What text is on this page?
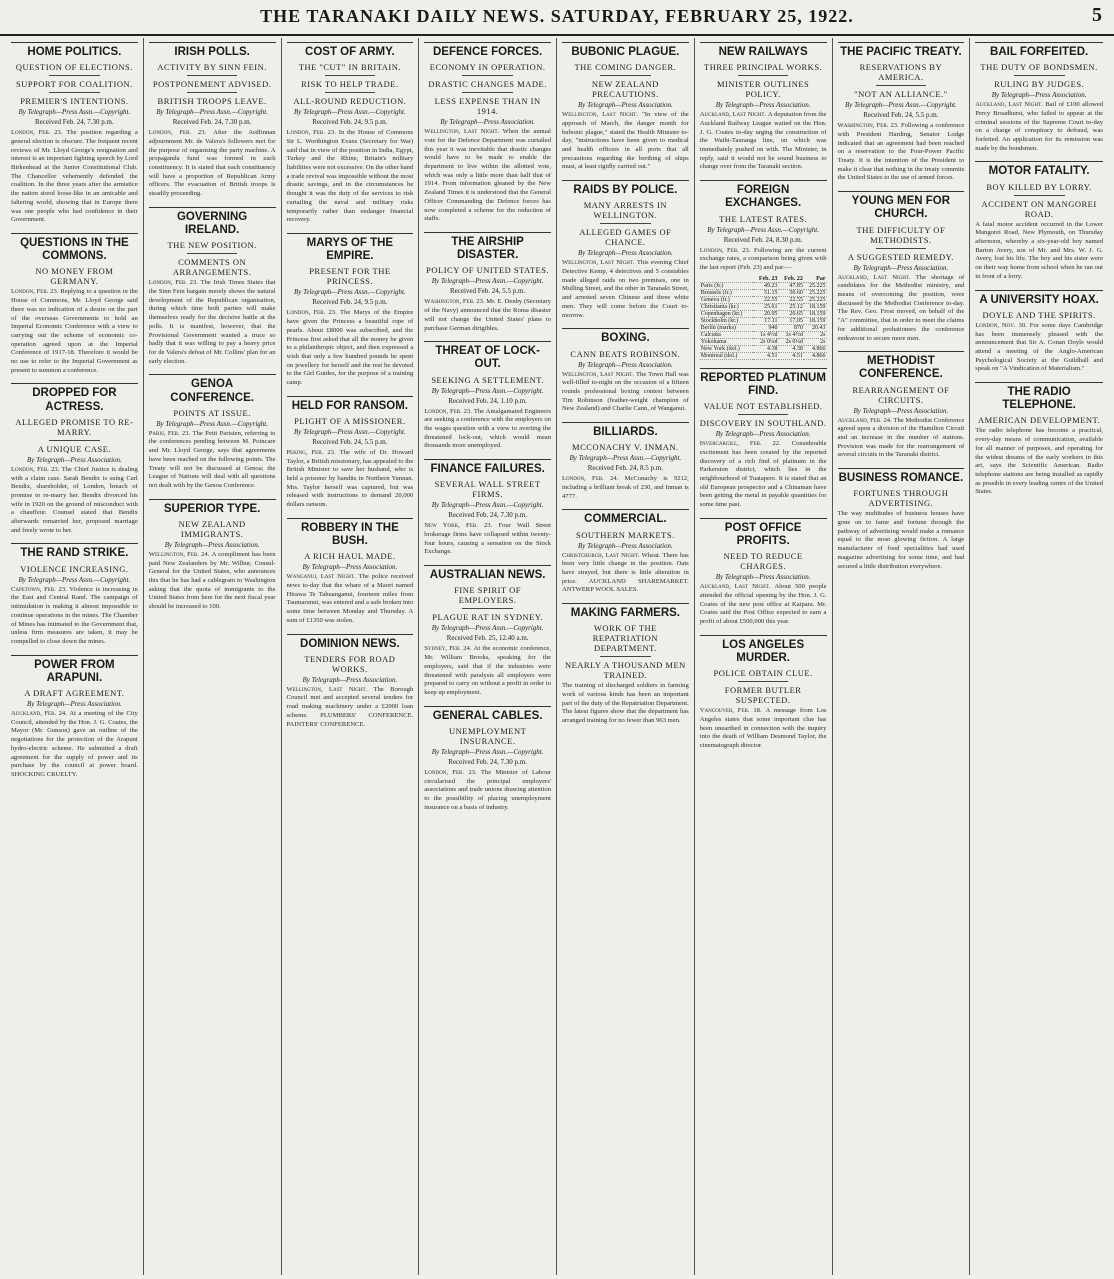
THE TARANAKI DAILY NEWS. SATURDAY, FEBRUARY 25, 1922.	5
HOME POLITICS.
QUESTION OF ELECTIONS.
SUPPORT FOR COALITION.
PREMIER'S INTENTIONS.
By Telegraph—Press Assn.—Copyright.
Received Feb. 24, 7.30 p.m.
London, Feb. 23. The position regarding a general election is obscure. The frequent recent reviews of Mr. Lloyd George's resignation and interest is an important fighting speech by Lord Birkenhead at the Junior Constitutional Club. The Chancellor vehemently defended the coalition. In the three years after the armistice the nation stood loose-like in an amicable and faltering world, showing that in Europe there was one people who had confidence in their Government.
QUESTIONS IN THE COMMONS.
NO MONEY FROM GERMANY.
London, Feb. 23. Replying to a question in the House of Commons, Mr. Lloyd George said there was no indication of a desire on the part of the overseas Governments to hold an Imperial Economic Conference with a view to carrying out the scheme of economic co-operation agreed upon at the Imperial Conference of 1917-18. Therefore it would be no use to refer to the Imperial Government as present to summon a conference.
DROPPED FOR ACTRESS.
ALLEGED PROMISE TO RE-MARRY.
A UNIQUE CASE.
By Telegraph—Press Association.
London, Feb. 23. The Chief Justice is dealing with a claim case. Sarah Bendix is suing Carl Bendix, shareholder, of London, breach of promise to re-marry her. Bendix divorced his wife in 1920 on the ground of misconduct with a chauffeur. Counsel stated that Bendix afterwards remarried her, proposed marriage and freely wrote to her.
THE RAND STRIKE.
VIOLENCE INCREASING.
By Telegraph—Press Assn.—Copyright.
Capetown, Feb. 23. Violence is increasing in the East and Central Rand. The campaign of intimidation is making it almost impossible to continue operations in the mines. The Chamber of Mines has intimated to the Government that, unless firm measures are taken, it may be compelled to close down the mines.
POWER FROM ARAPUNI.
A DRAFT AGREEMENT.
By Telegraph—Press Association.
Auckland, Feb. 24. At a meeting of the City Council, attended by the Hon. J. G. Coates, the Mayor (Mr. Gunson) gave an outline of the negotiations for the protection of the Arapuni hydro-electric scheme. He submitted a draft agreement for the supply of power and its purchase by the council at power board. SHOCKING CRUELTY.
IRISH POLLS.
ACTIVITY BY SINN FEIN.
POSTPONEMENT ADVISED.
BRITISH TROOPS LEAVE.
By Telegraph—Press Assn.—Copyright.
Received Feb. 24, 7.30 p.m.
London, Feb. 23. After the Ardfinnan adjournment Mr. de Valera's followers met for the purpose of organising the party machine. A propaganda fund was formed in each constituency. It is stated that each constituency will have a proportion of Republican Army officers. The evacuation of British troops is steadily proceeding.
GOVERNING IRELAND.
THE NEW POSITION.
COMMENTS ON ARRANGEMENTS.
London, Feb. 23. The Irish Times States that the Sinn Fein bargain merely shows the natural development of the Republican organisation, during which time both parties will make themselves ready for the decisive battle at the polls. It is manifest, however, that the Provisional Government wanted a truce so badly that it was willing to pay a heavy price for de Valera's defeat of Mr. Collins' plan for an early election.
GENOA CONFERENCE.
POINTS AT ISSUE.
By Telegraph—Press Assn.—Copyright.
Paris, Feb. 23. The Petit Parisien, referring to the conferences pending between M. Poincare and Mr. Lloyd George, says that agreements have been reached on the following points. The Treaty will not be discussed at Genoa; the League of Nations will deal with all questions not dealt with by the Genoa Conference.
SUPERIOR TYPE.
NEW ZEALAND IMMIGRANTS.
By Telegraph—Press Association.
Wellington, Feb. 24. A compliment has been paid New Zealanders by Mr. Wilbur, Consul-General for the United States, who announces this that he has had a cablegram to Washington asking that the quota of immigrants to the United States from here for the next fiscal year should be increased to 100.
COST OF ARMY.
THE "CUT" IN BRITAIN.
RISK TO HELP TRADE.
ALL-ROUND REDUCTION.
By Telegraph—Press Assn.—Copyright.
Received Feb. 24, 9.5 p.m.
London, Feb. 23. In the House of Commons Sir L. Worthington Evans (Secretary for War) said that in view of the position in India, Egypt, Turkey and the Rhine, Britain's military liabilities were not excessive. On the other hand a trade revival was impossible without the most drastic savings, and in the circumstances he thought it was the duty of the services to risk curtailing the naval and military risks temporarily rather than endanger financial recovery.
MARYS OF THE EMPIRE.
PRESENT FOR THE PRINCESS.
By Telegraph—Press Assn.—Copyright.
Received Feb. 24, 9.5 p.m.
London, Feb. 23. The Marys of the Empire have given the Princess a beautiful rope of pearls. About £8000 was subscribed, and the Princess first asked that all the money be given to a philanthropic object, and then expressed a wish that only a few hundred pounds be spent on jewellery for herself and the rest be devoted to the Girl Guides, for the purpose of a training camp.
HELD FOR RANSOM.
PLIGHT OF A MISSIONER.
By Telegraph—Press Assn.—Copyright.
Received Feb. 24, 5.5 p.m.
Peking, Feb. 23. The wife of Dr. Howard Taylor, a British missionary, has appealed to the British Minister to save her husband, who is held a prisoner by bandits in Northern Yunnan. Mrs. Taylor herself was captured, but was released with instructions to demand 20,000 dollars ransom.
ROBBERY IN THE BUSH.
A RICH HAUL MADE.
By Telegraph—Press Association.
Wanganui, Last Night. The police received news to-day that the whare of a Maori named Hirawa Te Tahuanganui, fourteen miles from Taumarunui, was entered and a safe broken into some time between Monday and Thursday. A sum of £1350 was stolen.
DOMINION NEWS.
TENDERS FOR ROAD WORKS.
By Telegraph—Press Association.
Wellington, Last Night. The Borough Council met and accepted several tenders for road making machinery under a £2000 loan scheme. PLUMBERS' CONFERENCE. PAINTERS' CONFERENCE.
DEFENCE FORCES.
ECONOMY IN OPERATION.
DRASTIC CHANGES MADE.
LESS EXPENSE THAN IN 1914.
By Telegraph—Press Association.
Wellington, Last Night. When the annual vote for the Defence Department was curtailed this year it was inevitable that drastic changes would have to be made to enable the department to live within the allotted vote, which was only a little more than half that of 1914. From information gleaned by the New Zealand Times it is understood that the General Officer Commanding the Defence forces has now completed a scheme for the reduction of staffs.
THE AIRSHIP DISASTER.
POLICY OF UNITED STATES.
By Telegraph—Press Assn.—Copyright.
Received Feb. 24, 5.5 p.m.
Washington, Feb. 23. Mr. E. Denby (Secretary of the Navy) announced that the Roma disaster will not change the United States' plans to purchase German dirigibles.
THREAT OF LOCK-OUT.
SEEKING A SETTLEMENT.
By Telegraph—Press Assn.—Copyright.
Received Feb. 24, 1.10 p.m.
London, Feb. 23. The Amalgamated Engineers are seeking a conference with the employers on the wages question with a view to averting the threatened lock-out, which would mean thousands more unemployed.
FINANCE FAILURES.
SEVERAL WALL STREET FIRMS.
By Telegraph—Press Assn.—Copyright.
Received Feb. 24, 7.30 p.m.
New York, Feb. 23. Four Wall Street brokerage firms have collapsed within twenty-four hours, causing a sensation on the Stock Exchange.
AUSTRALIAN NEWS.
FINE SPIRIT OF EMPLOYERS.
PLAGUE RAT IN SYDNEY.
By Telegraph—Press Assn.—Copyright.
Received Feb. 25, 12.40 a.m.
Sydney, Feb. 24. At the economic conference, Mr. William Brooks, speaking for the employers, said that if the industries were threatened with paralysis all employers were prepared to carry on without a profit in order to keep up employment.
GENERAL CABLES.
UNEMPLOYMENT INSURANCE.
By Telegraph—Press Assn.—Copyright.
Received Feb. 24, 7.30 p.m.
London, Feb. 23. The Minister of Labour circularised the principal employers' associations and trade unions drawing attention to the possibility of placing unemployment insurance on a basis of industry.
BUBONIC PLAGUE.
THE COMING DANGER.
NEW ZEALAND PRECAUTIONS.
By Telegraph—Press Association.
Wellington, Last Night. "In view of the approach of March, the danger month for bubonic plague," stated the Health Minister to-day, "instructions have been given to medical and health officers in all ports that all precautions regarding the berthing of ships must, at least rigidly carried out."
RAIDS BY POLICE.
MANY ARRESTS IN WELLINGTON.
ALLEGED GAMES OF CHANCE.
By Telegraph—Press Association.
Wellington, Last Night. This evening Chief Detective Kemp, 4 detectives and 5 constables made alleged raids on two premises, one in Mulling Street, and the other in Taranaki Street, and arrested seven Chinese and three white men. They will come before the Court to-morrow.
BOXING.
CANN BEATS ROBINSON.
By Telegraph—Press Association.
Wellington, Last Night. The Town Hall was well-filled to-night on the occasion of a fifteen rounds professional boxing contest between Tim Robinson (feather-weight champion of New Zealand) and Charlie Cann, of Wanganui.
BILLIARDS.
MCCONACHY V. INMAN.
By Telegraph—Press Assn.—Copyright.
Received Feb. 24, 8.5 p.m.
London, Feb. 24. McConachy is 9212, including a brilliant break of 230, and Inman is 4777.
COMMERCIAL.
SOUTHERN MARKETS.
By Telegraph—Press Association.
Christchurch, Last Night. Wheat. There has been very little change in the position. Oats have strayed, but there is little alteration in price. AUCKLAND SHAREMARKET. ANTWERP WOOL SALES.
MAKING FARMERS.
WORK OF THE REPATRIATION DEPARTMENT.
NEARLY A THOUSAND MEN TRAINED.
The training of discharged soldiers in farming work of various kinds has been an important part of the duty of the Repatriation Department. The latest figures show that the department has arranged training for no fewer than 963 men.
NEW RAILWAYS
THREE PRINCIPAL WORKS.
MINISTER OUTLINES POLICY.
By Telegraph—Press Association.
Auckland, Last Night. A deputation from the Auckland Railway League waited on the Hon. J. G. Coates to-day urging the construction of the Waihi-Tauranga line, on which was immediately pushed on with. The Minister, in reply, said it would not be sound business to change over from the Taranaki section.
FOREIGN EXCHANGES.
THE LATEST RATES.
By Telegraph—Press Assn.—Copyright.
Received Feb. 24, 8.30 p.m.
London, Feb. 23. Following are the current exchange rates, a comparison being given with the last report (Feb. 23) and par:—
	Feb. 23	Feb. 22	Par
Paris (fr.)	49.23	47.85	25.225
Brussels (fr.)	51.15	50.60	25.225
Geneva (fr.)	22.55	22.55	25.225
Christiania (kr.)	25.61	25.12	18.159
Copenhagen (kr.)	20.95	20.65	18.159
Stockholm (kr.)	17.11	17.05	18.159
Berlin (marks)	940	870	20.43
Calcutta	1s 4½d	1s 4½d	2s
Yokohama	2s 0¼d	2s 0¼d	2s
New York (dol.)	4.38	4.38	4.866
Montreal (dol.)	4.51	4.51	4.866
REPORTED PLATINUM FIND.
VALUE NOT ESTABLISHED.
DISCOVERY IN SOUTHLAND.
By Telegraph—Press Association.
Invercargill, Feb. 22. Considerable excitement has been created by the reported discovery of a rich find of platinum in the Parkerston district, which lies in the neighbourhood of Tuatapere. It is stated that an old European prospector and a Chinaman have been getting the metal in payable quantities for some time past.
POST OFFICE PROFITS.
NEED TO REDUCE CHARGES.
By Telegraph—Press Association.
Auckland, Last Night. About 500 people attended the official opening by the Hon. J. G. Coates of the new post office at Kaipara. Mr. Coates said the Post Office expected to earn a profit of about £500,000 this year.
LOS ANGELES MURDER.
POLICE OBTAIN CLUE.
FORMER BUTLER SUSPECTED.
Vancouver, Feb. 18. A message from Los Angeles states that some important clue has been unearthed in connection with the inquiry into the death of William Desmond Taylor, the cinematograph director.
THE PACIFIC TREATY.
RESERVATIONS BY AMERICA.
"NOT AN ALLIANCE."
By Telegraph—Press Assn.—Copyright.
Received Feb. 24, 5.5 p.m.
Washington, Feb. 23. Following a conference with President Harding, Senator Lodge indicated that an agreement had been reached on a reservation to the Four-Power Pacific Treaty. It is the intention of the President to make it clear that nothing in the treaty commits the United States to the use of armed forces.
YOUNG MEN FOR CHURCH.
THE DIFFICULTY OF METHODISTS.
A SUGGESTED REMEDY.
By Telegraph—Press Association.
Auckland, Last Night. The shortage of candidates for the Methodist ministry, and means of overcoming the position, were discussed by the Methodist Conference to-day. The Rev. Geo. Frost moved, on behalf of the "A" committee, that in order to meet the claims for additional probationers the conference endeavour to secure more men.
METHODIST CONFERENCE.
REARRANGEMENT OF CIRCUITS.
By Telegraph—Press Association.
Auckland, Feb. 24. The Methodist Conference agreed upon a division of the Hamilton Circuit and an increase in the number of stations. Provision was made for the rearrangement of several circuits in the Taranaki district.
BUSINESS ROMANCE.
FORTUNES THROUGH ADVERTISING.
The way multitudes of business houses have gone on to fame and fortune through the pathway of advertising would make a romance equal to the most glowing fiction. A large manufacturer of food specialities had used magazine advertising for some time, and had secured a little distribution everywhere.
BAIL FORFEITED.
THE DUTY OF BONDSMEN.
RULING BY JUDGES.
By Telegraph—Press Association.
Auckland, Last Night. Bail of £100 allowed Percy Broadhurst, who failed to appear at the criminal sessions of the Supreme Court to-day on a charge of conspiracy to defraud, was forfeited. An application for its remission was made by the bondsmen.
MOTOR FATALITY.
BOY KILLED BY LORRY.
ACCIDENT ON MANGOREI ROAD.
A fatal motor accident occurred in the Lower Mangorei Road, New Plymouth, on Thursday afternoon, whereby a six-year-old boy named Barton Avery, son of Mr. and Mrs. W. J. G. Avery, lost his life. The boy and his sister were on their way home from school when he ran out in front of a lorry.
A UNIVERSITY HOAX.
DOYLE AND THE SPIRITS.
London, Nov. 30. For some days Cambridge has been immensely pleased with the announcement that Sir A. Conan Doyle would attend a meeting of the Anglo-American Psychological Society at the Guildhall and speak on "A Vindication of Materialism."
THE RADIO TELEPHONE.
AMERICAN DEVELOPMENT.
The radio telephone has become a practical, every-day means of communication, available for all manner of purposes, and operating for the widest dreams of the early workers in this art, says the Scientific American. Radio telephone stations are being installed as rapidly as possible in every leading centre of the United States.
